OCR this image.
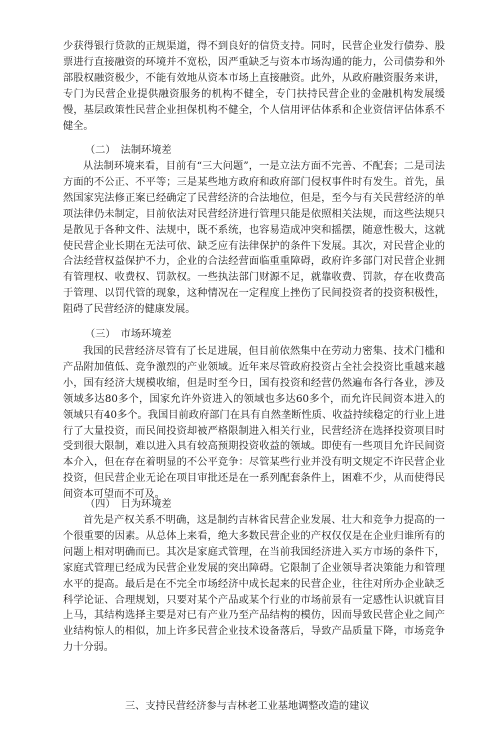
少获得银行贷款的正规渠道，得不到良好的信贷支持。同时，民营企业发行债券、股票进行直接融资的环境并不宽松，因严重缺乏与资本市场沟通的能力，公司债券和外部股权融资极少，不能有效地从资本市场上直接融资。此外，从政府融资服务来讲，专门为民营企业提供融资服务的机构不健全，专门扶持民营企业的金融机构发展缓慢，基层政策性民营企业担保机构不健全，个人信用评估体系和企业资信评估体系不健全。

（二）　法制环境差

从法制环境来看，目前有“三大问题”，一是立法方面不完善、不配套；二是司法方面的不公正、不平等；三是某些地方政府和政府部门侵权事件时有发生。首先，虽然国家宪法修正案已经确定了民营经济的合法地位，但是，至今与有关民营经济的单项法律仍未制定，目前依法对民营经济进行管理只能是依照相关法规，而这些法规只是散见于各种文件、法规中，既不系统，也容易造成冲突和摇摆，随意性极大，这就使民营企业长期在无法可依、缺乏应有法律保护的条件下发展。其次，对民营企业的合法经营权益保护不力，企业的合法经营面临重重障碍，政府许多部门对民营企业拥有管理权、收费权、罚款权。一些执法部门财源不足，就靠收费、罚款，存在收费高于管理、以罚代管的现象，这种情况在一定程度上挫伤了民间投资者的投资积极性，阻碍了民营经济的健康发展。

（三）　市场环境差

我国的民营经济尽管有了长足进展，但目前依然集中在劳动力密集、技术门槛和产品附加值低、竞争激烈的产业领域。近年来尽管政府投资占全社会投资比重越来越小，国有经济大规模收缩，但是时至今日，国有投资和经营仍然遍布各行各业，涉及领域多达80多个，国家允许外资进入的领域也多达60多个，而允许民间资本进入的领域只有40多个。我国目前政府部门在具有自然垄断性质、收益持续稳定的行业上进行了大量投资，而民间投资却被严格限制进入相关行业，民营经济在选择投资项目时受到很大限制，难以进入具有较高预期投资收益的领域。即使有一些项目允许民间资本介入，但在存在着明显的不公平竞争：尽管某些行业并没有明文规定不许民营企业投资，但民营企业无论在项目审批还是在一系列配套条件上，困难不少，从而使得民间资本可望而不可及。

（四）　日为环境差

首先是产权关系不明确，这是制约吉林省民营企业发展、壮大和竞争力提高的一个很重要的因素。从总体上来看，绝大多数民营企业的产权仅仅是在企业归谁所有的问题上相对明确而已。其次是家庭式管理，在当前我国经济进入买方市场的条件下，家庭式管理已经成为民营企业发展的突出障碍。它限制了企业领导者决策能力和管理水平的提高。最后是在不完全市场经济中成长起来的民营企业，往往对所办企业缺乏科学论证、合理规划，只要对某个产品或某个行业的市场前景有一定感性认识就盲目上马，其结构选择主要是对已有产业乃至产品结构的模仿，因而导致民营企业之间产业结构惊人的相似，加上许多民营企业技术设备落后，导致产品质量下降，市场竞争力十分弱。

三、支持民营经济参与吉林老工业基地调整改造的建议
